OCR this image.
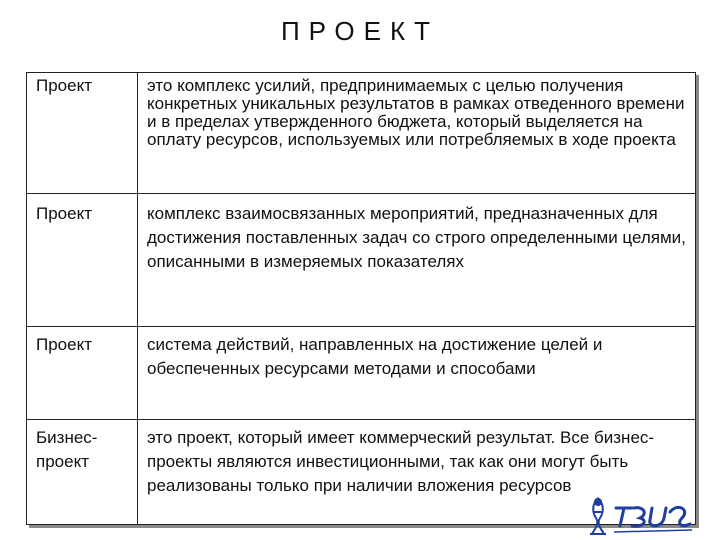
ПРОЕКТ
Проект	это комплекс усилий, предпринимаемых с целью получения конкретных уникальных результатов в рамках отведенного времени и в пределах утвержденного бюджета, который выделяется на оплату ресурсов, используемых или потребляемых в ходе проекта
Проект	комплекс взаимосвязанных мероприятий, предназначенных для достижения поставленных задач со строго определенными целями, описанными в измеряемых показателях
Проект	система действий, направленных на достижение целей и обеспеченных ресурсами методами и способами
Бизнес-проект	это проект, который имеет коммерческий результат. Все бизнес-проекты являются инвестиционными, так как они могут быть реализованы только при наличии вложения ресурсов
